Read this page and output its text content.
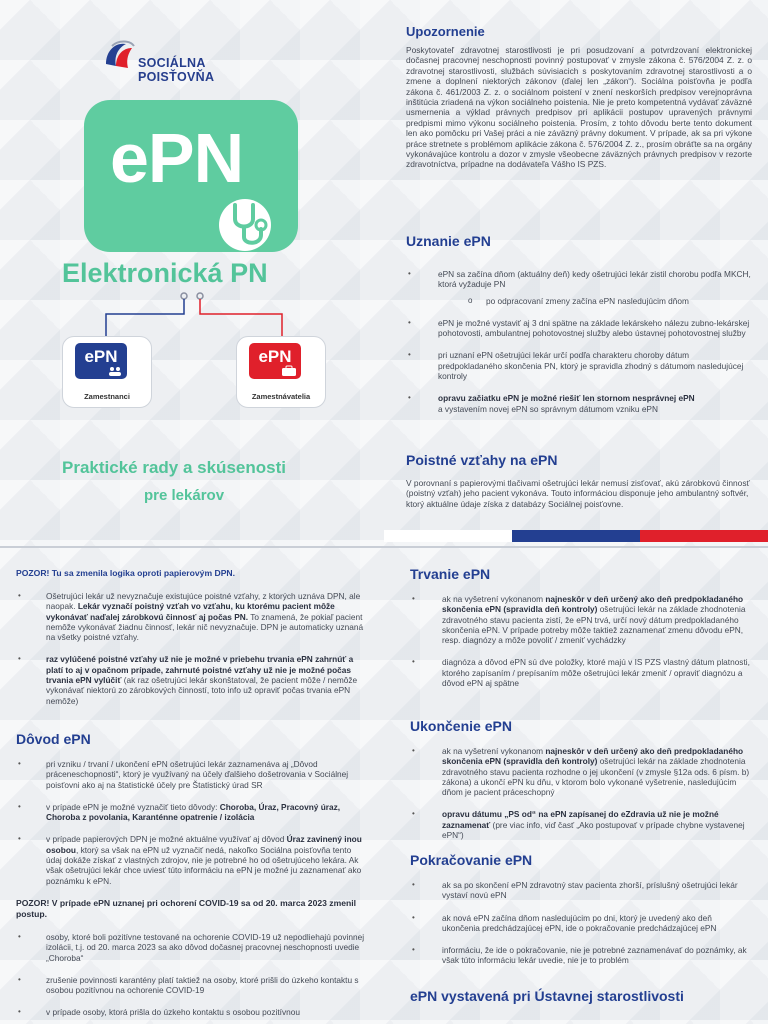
SOCIÁLNA POISŤOVŇA
ePN
Elektronická PN
ePN
Zamestnanci
ePN
Zamestnávatelia
Praktické rady a skúsenosti
pre lekárov
Upozornenie

Poskytovateľ zdravotnej starostlivosti je pri posudzovaní a potvrdzovaní elektronickej dočasnej pracovnej neschopnosti povinný postupovať v zmysle zákona č. 576/2004 Z. z. o zdravotnej starostlivosti, službách súvisiacich s poskytovaním zdravotnej starostlivosti a o zmene a doplnení niektorých zákonov (ďalej len „zákon“). Sociálna poisťovňa je podľa zákona č. 461/2003 Z. z. o sociálnom poistení v znení neskorších predpisov verejnoprávna inštitúcia zriadená na výkon sociálneho poistenia. Nie je preto kompetentná vydávať záväzné usmernenia a výklad právnych predpisov pri aplikácii postupov upravených právnymi predpismi mimo výkonu sociálneho poistenia. Prosím, z tohto dôvodu berte tento dokument len ako pomôcku pri Vašej práci a nie záväzný právny dokument. V prípade, ak sa pri výkone práce stretnete s problémom aplikácie zákona č. 576/2004 Z. z., prosím obráťte sa na orgány vykonávajúce kontrolu a dozor v zmysle všeobecne záväzných právnych predpisov v rezorte zdravotníctva, prípadne na dodávateľa Vášho IS PZS.

Uznanie ePN
• ePN sa začína dňom (aktuálny deň) kedy ošetrujúci lekár zistil chorobu podľa MKCH, ktorá vyžaduje PN
o po odpracovaní zmeny začína ePN nasledujúcim dňom
• ePN je možné vystaviť aj 3 dni spätne na základe lekárskeho nálezu zubno-lekárskej pohotovosti, ambulantnej pohotovostnej služby alebo ústavnej pohotovostnej služby
• pri uznaní ePN ošetrujúci lekár určí podľa charakteru choroby dátum predpokladaného skončenia PN, ktorý je spravidla zhodný s dátumom nasledujúcej kontroly
• opravu začiatku ePN je možné riešiť len stornom nesprávnej ePN
a vystavením novej ePN so správnym dátumom vzniku ePN
Poistné vzťahy na ePN

V porovnaní s papierovými tlačivami ošetrujúci lekár nemusí zisťovať, akú zárobkovú činnosť (poistný vzťah) jeho pacient vykonáva. Touto informáciou disponuje jeho ambulantný softvér, ktorý aktuálne údaje získa z databázy Sociálnej poisťovne.

POZOR! Tu sa zmenila logika oproti papierovým DPN.

• Ošetrujúci lekár už nevyznačuje existujúce poistné vzťahy, z ktorých uznáva DPN, ale naopak. Lekár vyznačí poistný vzťah vo vzťahu, ku ktorému pacient môže vykonávať naďalej zárobkovú činnosť aj počas PN. To znamená, že pokiaľ pacient nemôže vykonávať žiadnu činnosť, lekár nič nevyznačuje. DPN je automaticky uznaná na všetky poistné vzťahy.
• raz vylúčené poistné vzťahy už nie je možné v priebehu trvania ePN zahrnúť a platí to aj v opačnom prípade, zahrnuté poistné vzťahy už nie je možné počas trvania ePN vylúčiť (ak raz ošetrujúci lekár skonštatoval, že pacient môže / nemôže vykonávať niektorú zo zárobkových činností, toto info už opraviť počas trvania ePN nemôže)
Dôvod ePN
• pri vzniku / trvaní / ukončení ePN ošetrujúci lekár zaznamenáva aj „Dôvod práceneschopnosti“, ktorý je využívaný na účely ďalšieho došetrovania v Sociálnej poisťovni ako aj na štatistické účely pre Štatistický úrad SR
• v prípade ePN je možné vyznačiť tieto dôvody: Choroba, Úraz, Pracovný úraz, Choroba z povolania, Karanténne opatrenie / izolácia
• v prípade papierových DPN je možné aktuálne využívať aj dôvod Úraz zavinený inou osobou, ktorý sa však na ePN už vyznačiť nedá, nakoľko Sociálna poisťovňa tento údaj dokáže získať z vlastných zdrojov, nie je potrebné ho od ošetrujúceho lekára. Ak však ošetrujúci lekár chce uviesť túto informáciu na ePN je možné ju zaznamenať ako poznámku k ePN.

POZOR! V prípade ePN uznanej pri ochorení COVID-19 sa od 20. marca 2023 zmenil postup.

• osoby, ktoré boli pozitívne testované na ochorenie COVID-19 už nepodliehajú povinnej izolácii, t.j. od 20. marca 2023 sa ako dôvod dočasnej pracovnej neschopnosti uvedie „Choroba“
• zrušenie povinnosti karantény platí taktiež na osoby, ktoré prišli do úzkeho kontaktu s osobou pozitívnou na ochorenie COVID-19
• v prípade osoby, ktorá prišla do úzkeho kontaktu s osobou pozitívnou
Trvanie ePN
• ak na vyšetrení vykonanom najneskôr v deň určený ako deň predpokladaného skončenia ePN (spravidla deň kontroly) ošetrujúci lekár na základe zhodnotenia zdravotného stavu pacienta zistí, že ePN trvá, určí nový dátum predpokladaného skončenia ePN. V prípade potreby môže taktiež zaznamenať zmenu dôvodu ePN, resp. diagnózy a môže povoliť / zmeniť vychádzky
• diagnóza a dôvod ePN sú dve položky, ktoré majú v IS PZS vlastný dátum platnosti, ktorého zapísaním / prepísaním môže ošetrujúci lekár zmeniť / opraviť diagnózu a dôvod ePN aj spätne
Ukončenie ePN
• ak na vyšetrení vykonanom najneskôr v deň určený ako deň predpokladaného skončenia ePN (spravidla deň kontroly) ošetrujúci lekár na základe zhodnotenia zdravotného stavu pacienta rozhodne o jej ukončení (v zmysle §12a ods. 6 písm. b) zákona) a ukončí ePN ku dňu, v ktorom bolo vykonané vyšetrenie, nasledujúcim dňom je pacient práceschopný
• opravu dátumu „PS od“ na ePN zapísanej do eZdravia už nie je možné zaznamenať (pre viac info, viď časť „Ako postupovať v prípade chybne vystavenej ePN“)
Pokračovanie ePN
• ak sa po skončení ePN zdravotný stav pacienta zhorší, príslušný ošetrujúci lekár vystaví novú ePN
• ak nová ePN začína dňom nasledujúcim po dni, ktorý je uvedený ako deň ukončenia predchádzajúcej ePN, ide o pokračovanie predchádzajúcej ePN
• informáciu, že ide o pokračovanie, nie je potrebné zaznamenávať do poznámky, ak však túto informáciu lekár uvedie, nie je to problém
ePN vystavená pri Ústavnej starostlivosti
